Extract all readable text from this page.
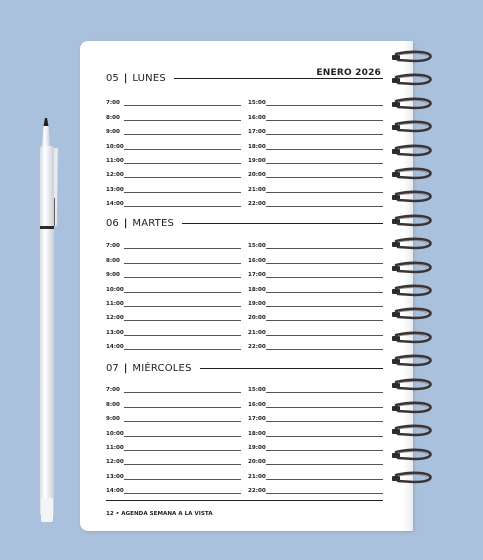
ENERO 2026
05 | LUNES
7:00
8:00
9:00
10:00
11:00
12:00
13:00
14:00
15:00
16:00
17:00
18:00
19:00
20:00
21:00
22:00
06 | MARTES
7:00
8:00
9:00
10:00
11:00
12:00
13:00
14:00
15:00
16:00
17:00
18:00
19:00
20:00
21:00
22:00
07 | MIÉRCOLES
7:00
8:00
9:00
10:00
11:00
12:00
13:00
14:00
15:00
16:00
17:00
18:00
19:00
20:00
21:00
22:00
12 • AGENDA SEMANA A LA VISTA
